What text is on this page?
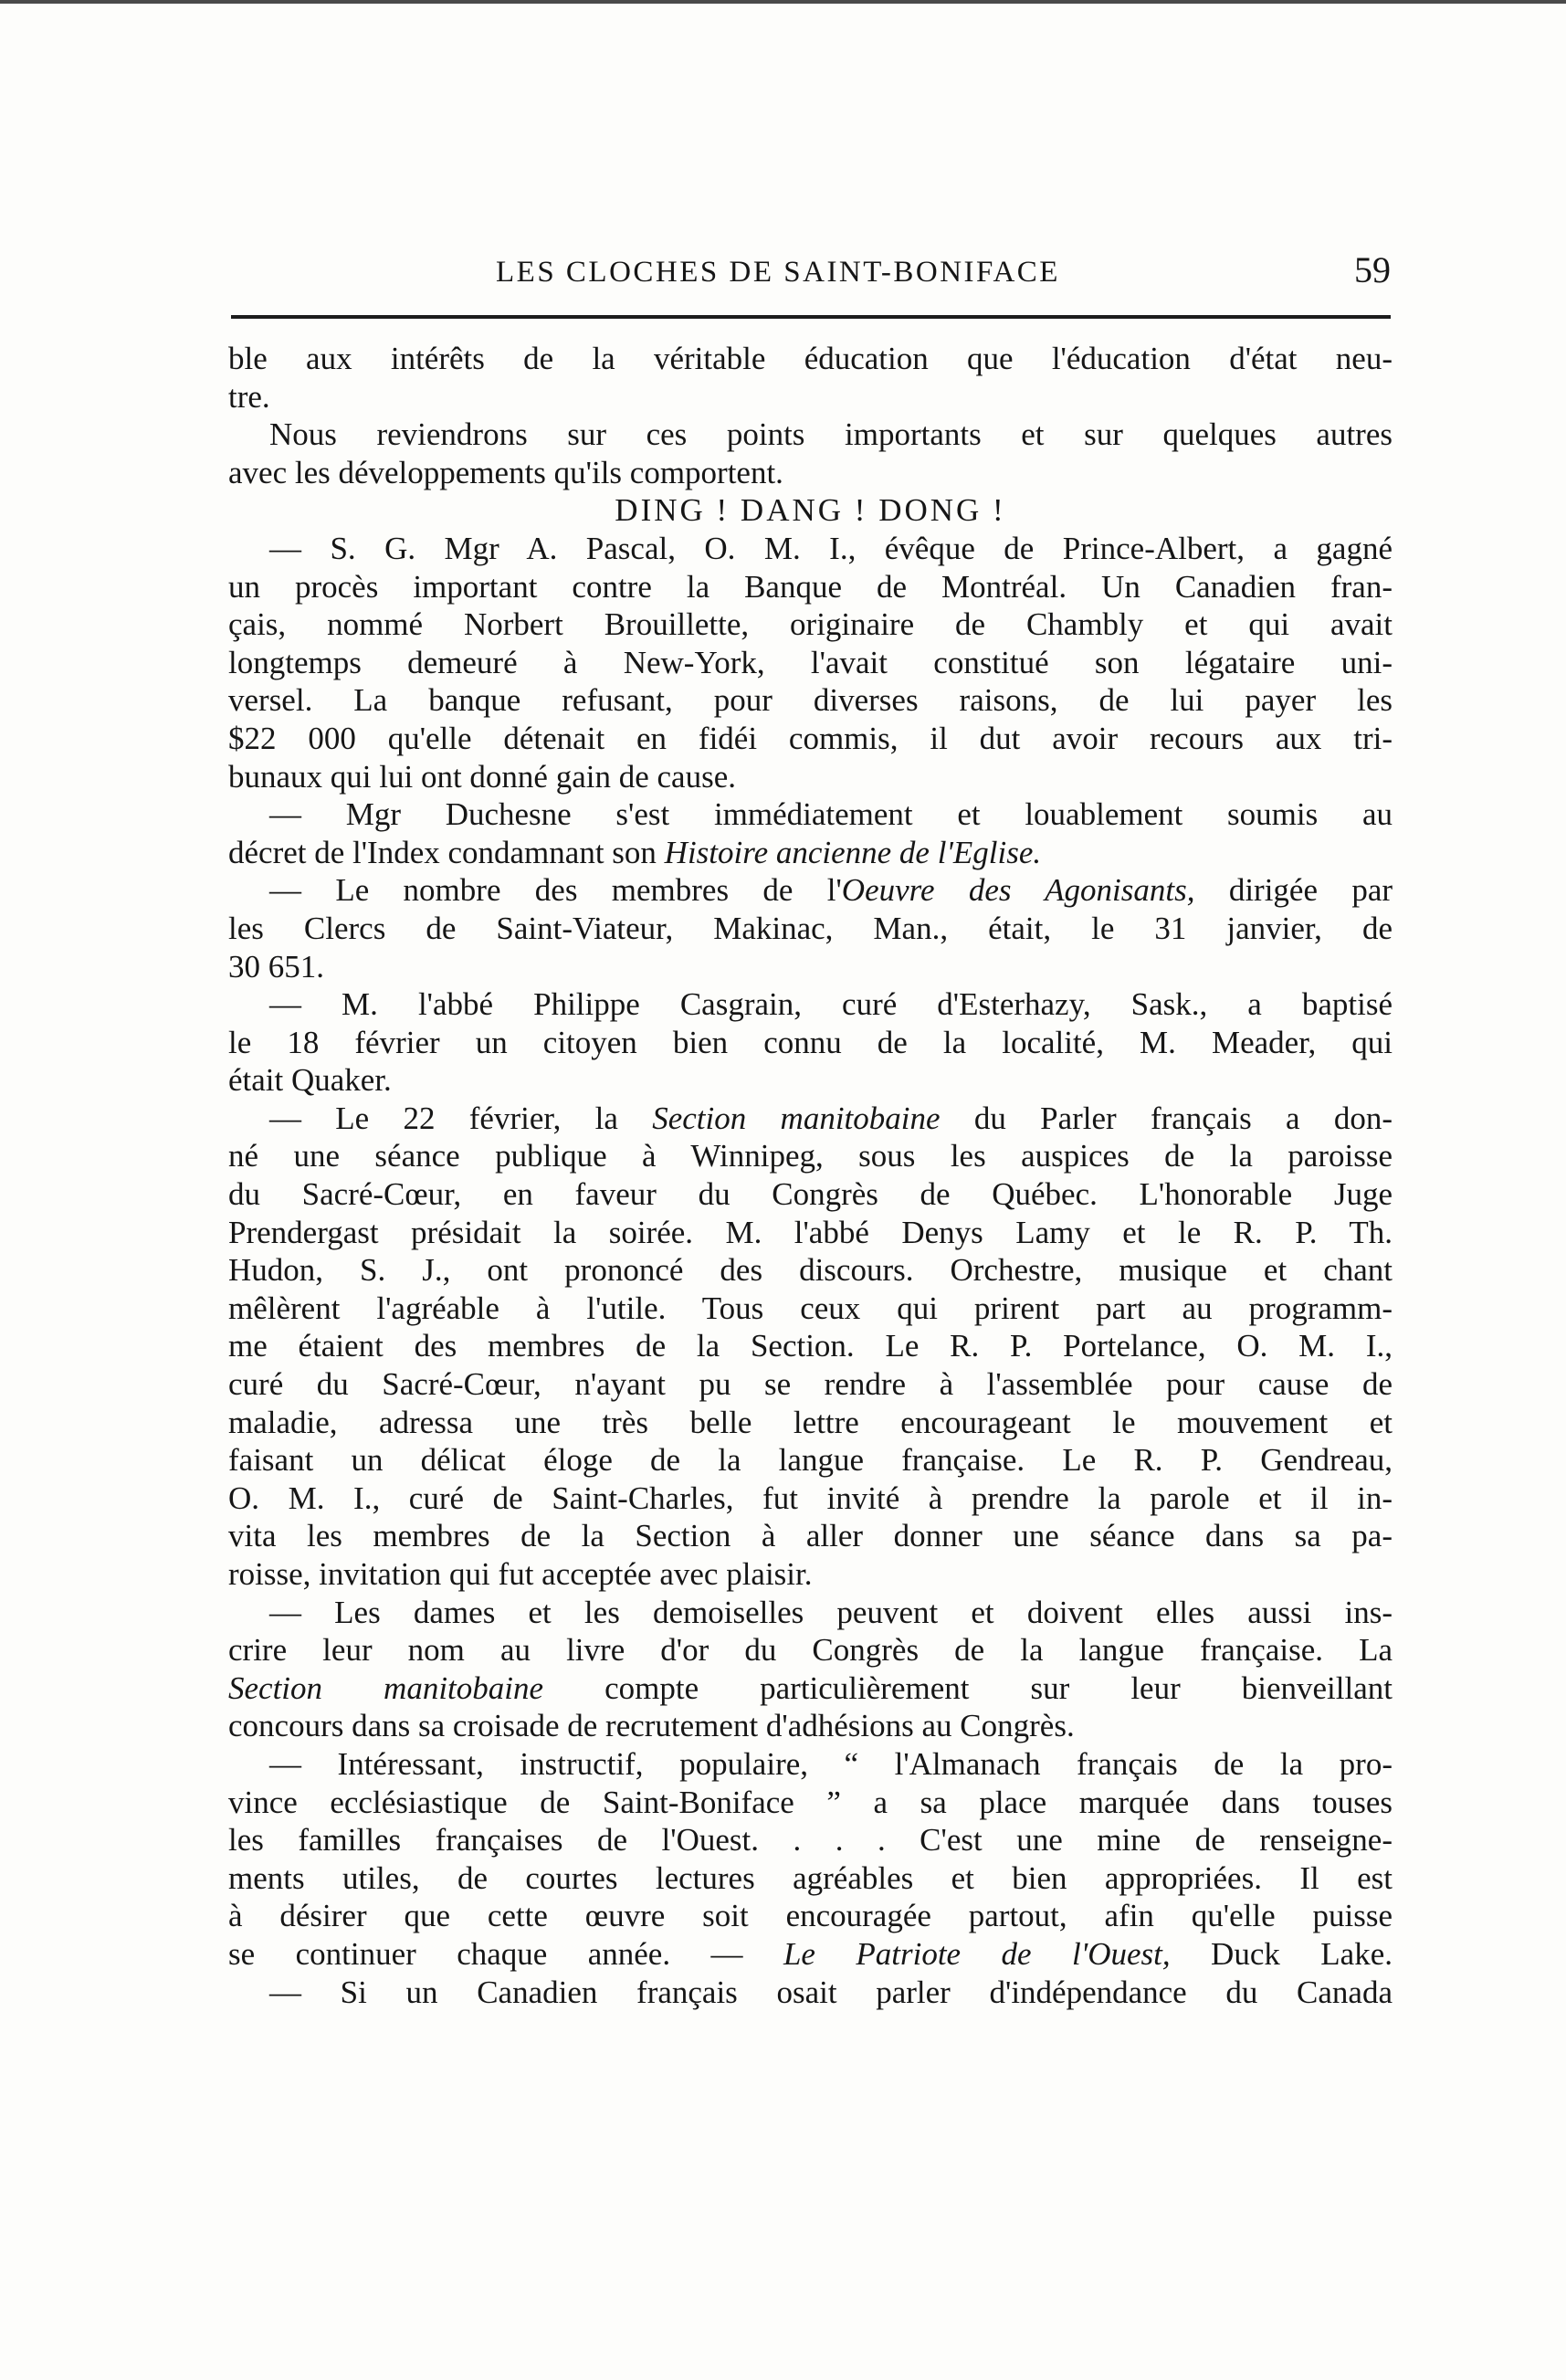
LES CLOCHES DE SAINT-BONIFACE	59
ble aux intérêts de la véritable éducation que l'éducation d'état neu-
tre.
Nous reviendrons sur ces points importants et sur quelques autres
avec les développements qu'ils comportent.
DING ! DANG ! DONG !
— S. G. Mgr A. Pascal, O. M. I., évêque de Prince-Albert, a gagné
un procès important contre la Banque de Montréal. Un Canadien fran-
çais, nommé Norbert Brouillette, originaire de Chambly et qui avait
longtemps demeuré à New-York, l'avait constitué son légataire uni-
versel. La banque refusant, pour diverses raisons, de lui payer les
$22 000 qu'elle détenait en fidéi commis, il dut avoir recours aux tri-
bunaux qui lui ont donné gain de cause.
— Mgr Duchesne s'est immédiatement et louablement soumis au
décret de l'Index condamnant son Histoire ancienne de l'Eglise.
— Le nombre des membres de l'Oeuvre des Agonisants, dirigée par
les Clercs de Saint-Viateur, Makinac, Man., était, le 31 janvier, de
30 651.
— M. l'abbé Philippe Casgrain, curé d'Esterhazy, Sask., a baptisé
le 18 février un citoyen bien connu de la localité, M. Meader, qui
était Quaker.
— Le 22 février, la Section manitobaine du Parler français a don-
né une séance publique à Winnipeg, sous les auspices de la paroisse
du Sacré-Cœur, en faveur du Congrès de Québec. L'honorable Juge
Prendergast présidait la soirée. M. l'abbé Denys Lamy et le R. P. Th.
Hudon, S. J., ont prononcé des discours. Orchestre, musique et chant
mêlèrent l'agréable à l'utile. Tous ceux qui prirent part au programm-
me étaient des membres de la Section. Le R. P. Portelance, O. M. I.,
curé du Sacré-Cœur, n'ayant pu se rendre à l'assemblée pour cause de
maladie, adressa une très belle lettre encourageant le mouvement et
faisant un délicat éloge de la langue française. Le R. P. Gendreau,
O. M. I., curé de Saint-Charles, fut invité à prendre la parole et il in-
vita les membres de la Section à aller donner une séance dans sa pa-
roisse, invitation qui fut acceptée avec plaisir.
— Les dames et les demoiselles peuvent et doivent elles aussi ins-
crire leur nom au livre d'or du Congrès de la langue française. La
Section manitobaine compte particulièrement sur leur bienveillant
concours dans sa croisade de recrutement d'adhésions au Congrès.
— Intéressant, instructif, populaire, “ l'Almanach français de la pro-
vince ecclésiastique de Saint-Boniface ” a sa place marquée dans touses
les familles françaises de l'Ouest. . . . C'est une mine de renseigne-
ments utiles, de courtes lectures agréables et bien appropriées. Il est
à désirer que cette œuvre soit encouragée partout, afin qu'elle puisse
se continuer chaque année. — Le Patriote de l'Ouest, Duck Lake.
— Si un Canadien français osait parler d'indépendance du Canada
